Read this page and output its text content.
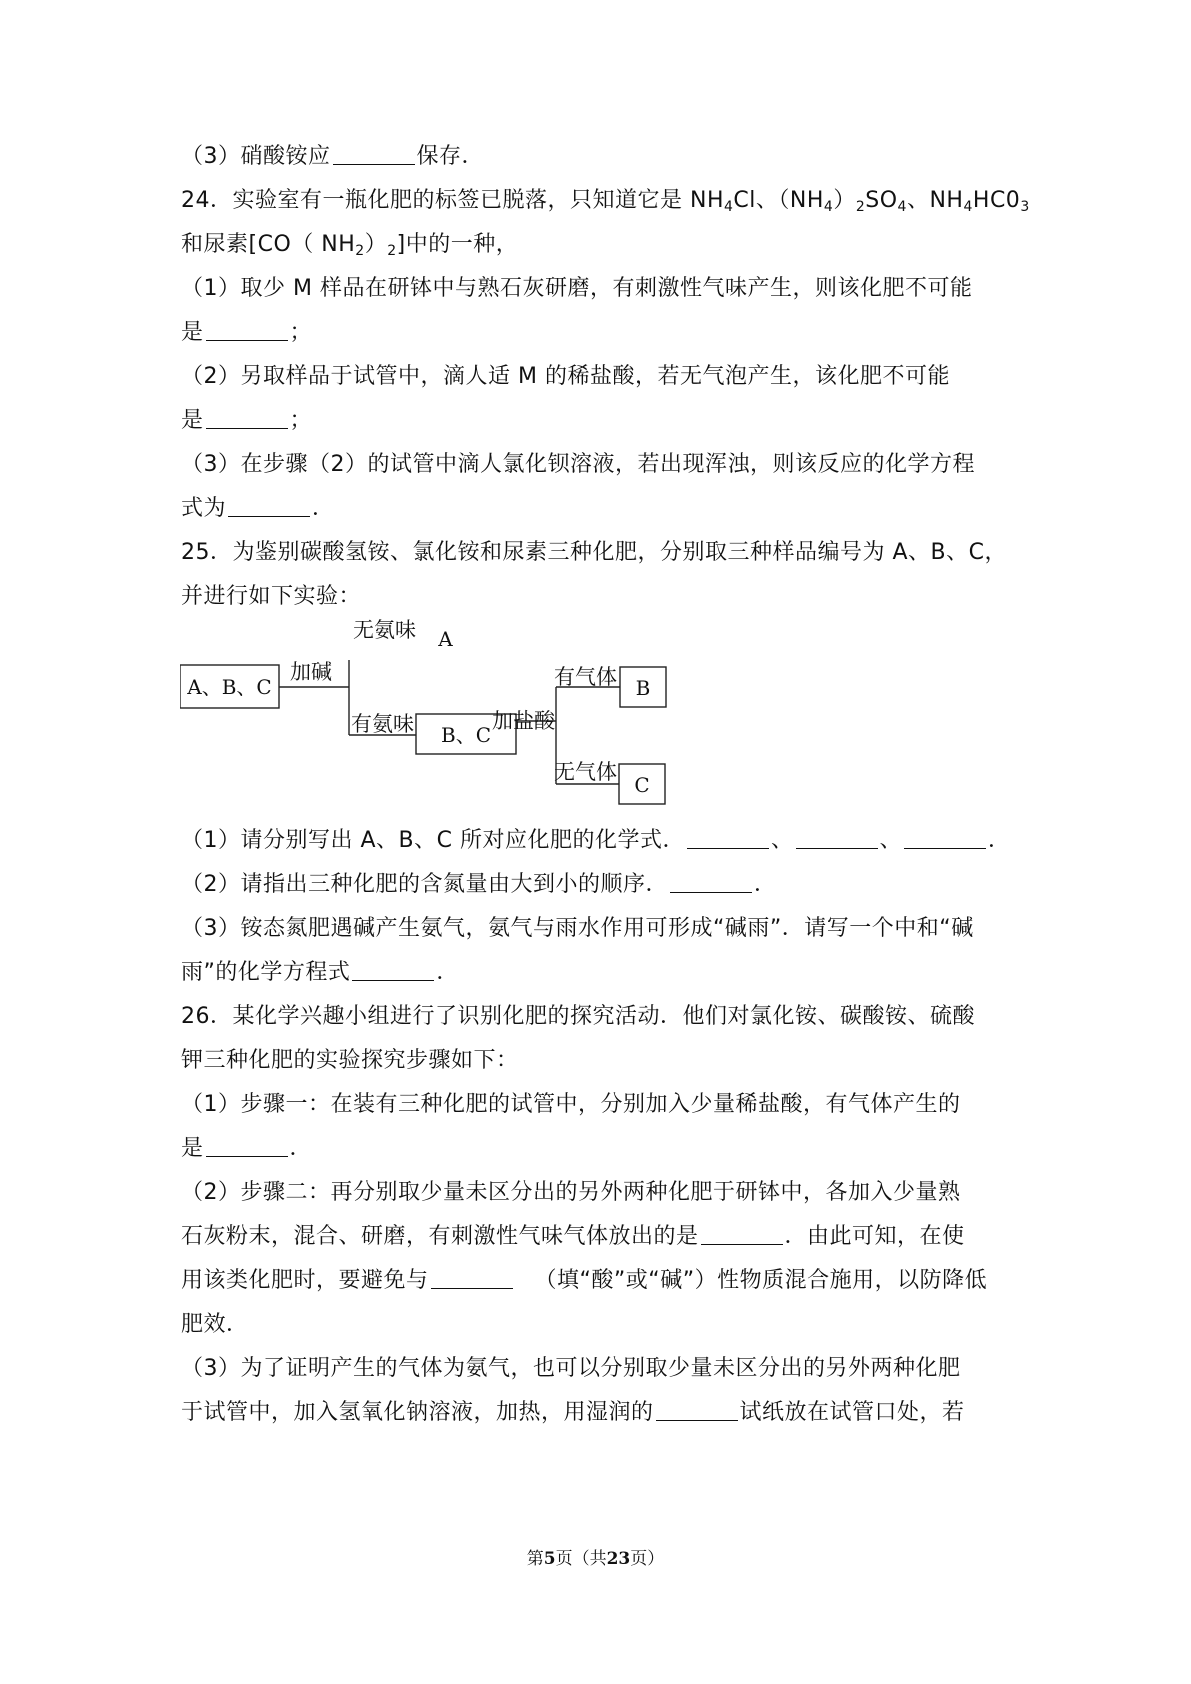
（3）硝酸铵应	保存．
24．实验室有一瓶化肥的标签已脱落，只知道它是 $NH_4Cl$、$(NH_4)_2SO_4$、$NH_4HC0_3$
和尿素[CO（ $NH_2)_2$]中的一种，
（1）取少 M 样品在研钵中与熟石灰研磨，有刺激性气味产生，则该化肥不可能
是	；
（2）另取样品于试管中，滴人适 M 的稀盐酸，若无气泡产生，该化肥不可能
是	；
（3）在步骤（2）的试管中滴人氯化钡溶液，若出现浑浊，则该反应的化学方程
式为	．
25．为鉴别碳酸氢铵、氯化铵和尿素三种化肥，分别取三种样品编号为 A、B、C，
并进行如下实验：
A、B、C
加碱
无氨味	A
有氨味	B、C
加盐酸
有气体 B
无气体
C
（1）请分别写出 A、B、C 所对应化肥的化学式．	、	、	．
（2）请指出三种化肥的含氮量由大到小的顺序．	．
（3）铵态氮肥遇碱产生氨气，氨气与雨水作用可形成“碱雨”．请写一个中和“碱
雨”的化学方程式	．
26．某化学兴趣小组进行了识别化肥的探究活动．他们对氯化铵、碳酸铵、硫酸
钾三种化肥的实验探究步骤如下：
（1）步骤一：在装有三种化肥的试管中，分别加入少量稀盐酸，有气体产生的
是	．
（2）步骤二：再分别取少量未区分出的另外两种化肥于研钵中，各加入少量熟
石灰粉末，混合、研磨，有刺激性气味气体放出的是	．由此可知，在使
用该类化肥时，要避免与	（填“酸”或“碱”）性物质混合施用，以防降低
肥效．
（3）为了证明产生的气体为氨气，也可以分别取少量未区分出的另外两种化肥
于试管中，加入氢氧化钠溶液，加热，用湿润的	试纸放在试管口处，若
第5页（共23页）
